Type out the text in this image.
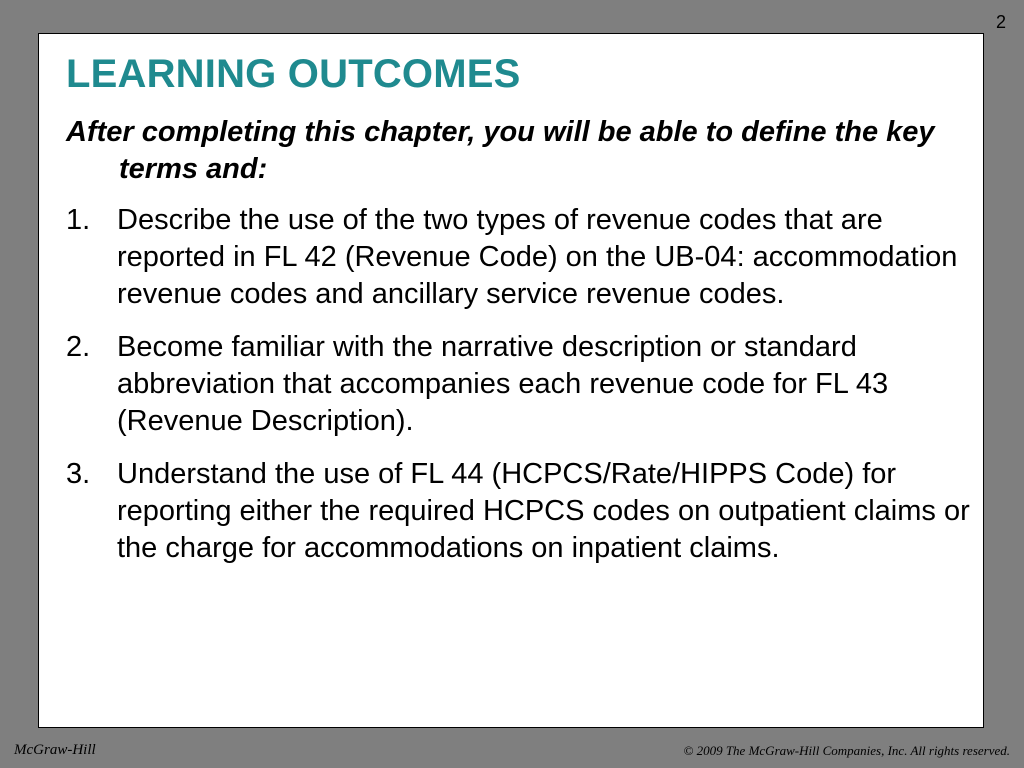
2
LEARNING OUTCOMES

After completing this chapter, you will be able to define the key terms and:

1. Describe the use of the two types of revenue codes that are reported in FL 42 (Revenue Code) on the UB-04: accommodation revenue codes and ancillary service revenue codes.
2. Become familiar with the narrative description or standard abbreviation that accompanies each revenue code for FL 43 (Revenue Description).
3. Understand the use of FL 44 (HCPCS/Rate/HIPPS Code) for reporting either the required HCPCS codes on outpatient claims or the charge for accommodations on inpatient claims.
McGraw-Hill	© 2009 The McGraw-Hill Companies, Inc. All rights reserved.
